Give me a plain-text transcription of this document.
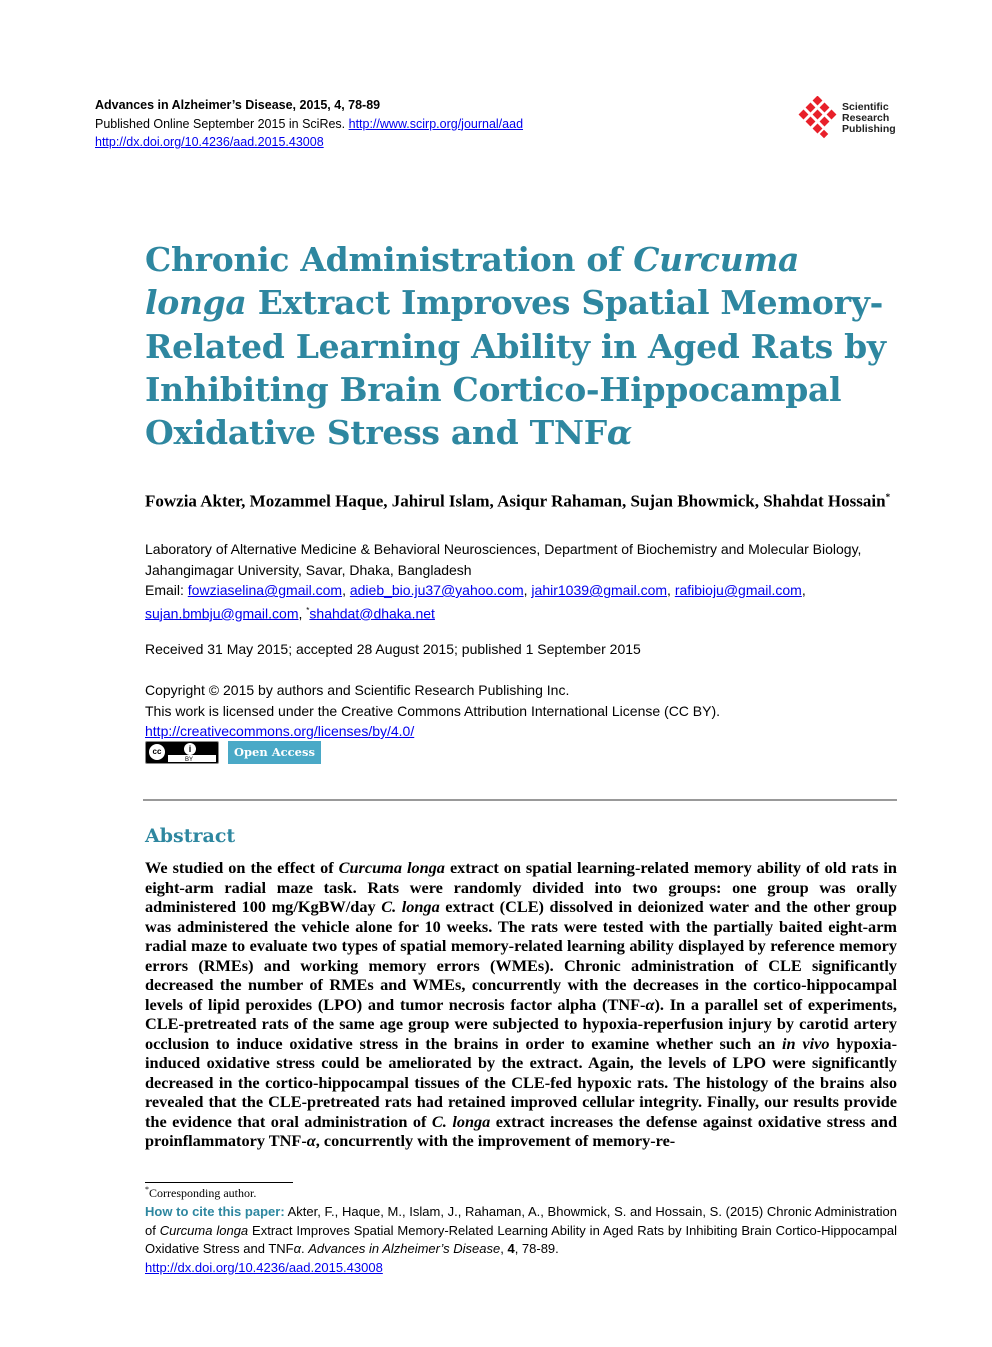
Advances in Alzheimer’s Disease, 2015, 4, 78-89
Published Online September 2015 in SciRes. http://www.scirp.org/journal/aad
http://dx.doi.org/10.4236/aad.2015.43008
Scientific
Research
Publishing
Chronic Administration of Curcuma longa Extract Improves Spatial Memory-Related Learning Ability in Aged Rats by Inhibiting Brain Cortico-Hippocampal Oxidative Stress and TNFα
Fowzia Akter, Mozammel Haque, Jahirul Islam, Asiqur Rahaman, Sujan Bhowmick, Shahdat Hossain*
Laboratory of Alternative Medicine & Behavioral Neurosciences, Department of Biochemistry and Molecular Biology, Jahangimagar University, Savar, Dhaka, Bangladesh
Email: fowziaselina@gmail.com, adieb_bio.ju37@yahoo.com, jahir1039@gmail.com, rafibioju@gmail.com,
sujan.bmbju@gmail.com, *shahdat@dhaka.net
Received 31 May 2015; accepted 28 August 2015; published 1 September 2015
Copyright © 2015 by authors and Scientific Research Publishing Inc.
This work is licensed under the Creative Commons Attribution International License (CC BY).
http://creativecommons.org/licenses/by/4.0/
cc	i
BY
Open Access
Abstract
We studied on the effect of Curcuma longa extract on spatial learning-related memory ability of old rats in eight-arm radial maze task. Rats were randomly divided into two groups: one group was orally administered 100 mg/KgBW/day C. longa extract (CLE) dissolved in deionized water and the other group was administered the vehicle alone for 10 weeks. The rats were tested with the partially baited eight-arm radial maze to evaluate two types of spatial memory-related learning ability displayed by reference memory errors (RMEs) and working memory errors (WMEs). Chronic administration of CLE significantly decreased the number of RMEs and WMEs, concurrently with the decreases in the cortico-hippocampal levels of lipid peroxides (LPO) and tumor necrosis factor alpha (TNF-α). In a parallel set of experiments, CLE-pretreated rats of the same age group were subjected to hypoxia-reperfusion injury by carotid artery occlusion to induce oxidative stress in the brains in order to examine whether such an in vivo hypoxia-induced oxidative stress could be ameliorated by the extract. Again, the levels of LPO were significantly decreased in the cortico-hippocampal tissues of the CLE-fed hypoxic rats. The histology of the brains also revealed that the CLE-pretreated rats had retained improved cellular integrity. Finally, our results provide the evidence that oral administration of C. longa extract increases the defense against oxidative stress and proinflammatory TNF-α, concurrently with the improvement of memory-re-
*Corresponding author.
How to cite this paper: Akter, F., Haque, M., Islam, J., Rahaman, A., Bhowmick, S. and Hossain, S. (2015) Chronic Administration of Curcuma longa Extract Improves Spatial Memory-Related Learning Ability in Aged Rats by Inhibiting Brain Cortico-Hippocampal Oxidative Stress and TNFα. Advances in Alzheimer’s Disease, 4, 78-89.
http://dx.doi.org/10.4236/aad.2015.43008
